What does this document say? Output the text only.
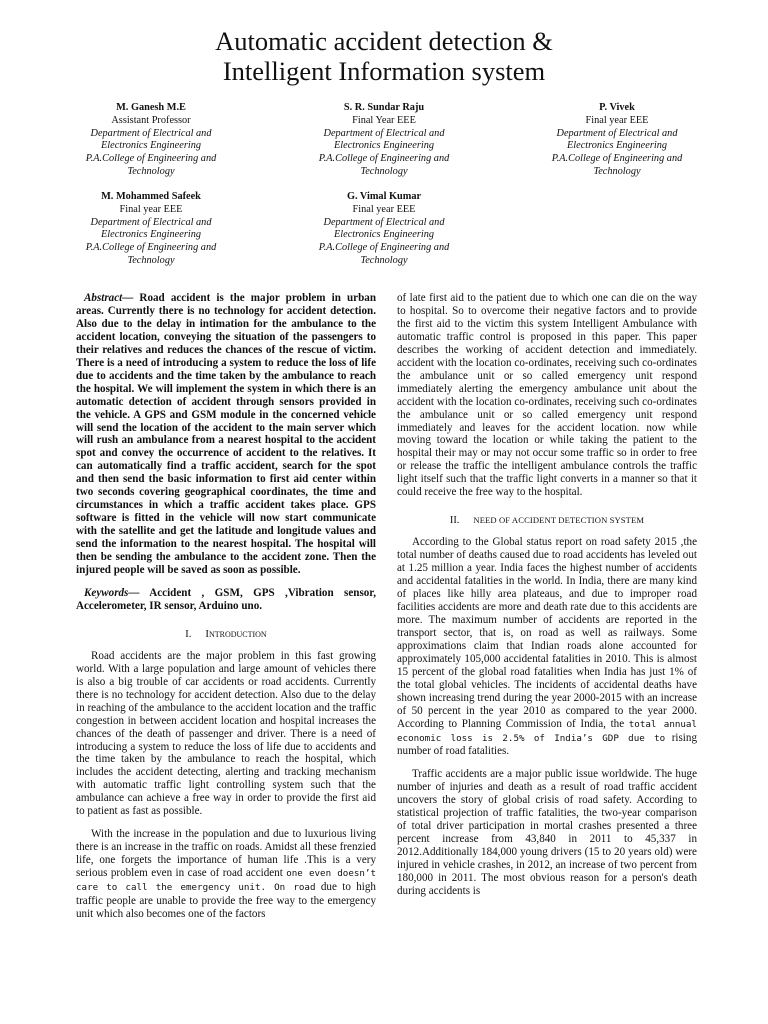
Automatic accident detection &
Intelligent Information system
M. Ganesh M.E
Assistant Professor
Department of Electrical and
Electronics Engineering
P.A.College of Engineering and
Technology
S. R. Sundar Raju
Final Year EEE
Department of Electrical and
Electronics Engineering
P.A.College of Engineering and
Technology
P. Vivek
Final year EEE
Department of Electrical and
Electronics Engineering
P.A.College of Engineering and
Technology
M. Mohammed Safeek
Final year EEE
Department of Electrical and
Electronics Engineering
P.A.College of Engineering and
Technology
G. Vimal Kumar
Final year EEE
Department of Electrical and
Electronics Engineering
P.A.College of Engineering and
Technology

Abstract— Road accident is the major problem in urban areas. Currently there is no technology for accident detection. Also due to the delay in intimation for the ambulance to the accident location, conveying the situation of the passengers to their relatives and reduces the chances of the rescue of victim. There is a need of introducing a system to reduce the loss of life due to accidents and the time taken by the ambulance to reach the hospital. We will implement the system in which there is an automatic detection of accident through sensors provided in the vehicle. A GPS and GSM module in the concerned vehicle will send the location of the accident to the main server which will rush an ambulance from a nearest hospital to the accident spot and convey the occurrence of accident to the relatives. It can automatically find a traffic accident, search for the spot and then send the basic information to first aid center within two seconds covering geographical coordinates, the time and circumstances in which a traffic accident takes place. GPS software is fitted in the vehicle will now start communicate with the satellite and get the latitude and longitude values and send the information to the nearest hospital. The hospital will then be sending the ambulance to the accident zone. Then the injured people will be saved as soon as possible.

Keywords— Accident , GSM, GPS ,Vibration sensor, Accelerometer, IR sensor, Arduino uno.

I. Introduction

Road accidents are the major problem in this fast growing world. With a large population and large amount of vehicles there is also a big trouble of car accidents or road accidents. Currently there is no technology for accident detection. Also due to the delay in reaching of the ambulance to the accident location and the traffic congestion in between accident location and hospital increases the chances of the death of passenger and driver. There is a need of introducing a system to reduce the loss of life due to accidents and the time taken by the ambulance to reach the hospital, which includes the accident detecting, alerting and tracking mechanism with automatic traffic light controlling system such that the ambulance can achieve a free way in order to provide the first aid to patient as fast as possible.

With the increase in the population and due to luxurious living there is an increase in the traffic on roads. Amidst all these frenzied life, one forgets the importance of human life .This is a very serious problem even in case of road accident one even doesn’t care to call the emergency unit. On road due to high traffic people are unable to provide the free way to the emergency unit which also becomes one of the factors

of late first aid to the patient due to which one can die on the way to hospital. So to overcome their negative factors and to provide the first aid to the victim this system Intelligent Ambulance with automatic traffic control is proposed in this paper. This paper describes the working of accident detection and immediately. accident with the location co-ordinates, receiving such co-ordinates the ambulance unit or so called emergency unit respond immediately alerting the emergency ambulance unit about the accident with the location co-ordinates, receiving such co-ordinates the ambulance unit or so called emergency unit respond immediately and leaves for the accident location. now while moving toward the location or while taking the patient to the hospital their may or may not occur some traffic so in order to free or release the traffic the intelligent ambulance controls the traffic light itself such that the traffic light converts in a manner so that it could receive the free way to the hospital.

II. NEED OF ACCIDENT DETECTION SYSTEM

According to the Global status report on road safety 2015 ,the total number of deaths caused due to road accidents has leveled out at 1.25 million a year. India faces the highest number of accidents and accidental fatalities in the world. In India, there are many kind of places like hilly area plateaus, and due to improper road facilities accidents are more and death rate due to this accidents are more. The maximum number of accidents are reported in the transport sector, that is, on road as well as railways. Some approximations claim that Indian roads alone accounted for approximately 105,000 accidental fatalities in 2010. This is almost 15 percent of the global road fatalities when India has just 1% of the total global vehicles. The incidents of accidental deaths have shown increasing trend during the year 2000-2015 with an increase of 50 percent in the year 2010 as compared to the year 2000. According to Planning Commission of India, the total annual economic loss is 2.5% of India’s GDP due to rising number of road fatalities.

Traffic accidents are a major public issue worldwide. The huge number of injuries and death as a result of road traffic accident uncovers the story of global crisis of road safety. According to statistical projection of traffic fatalities, the two-year comparison of total driver participation in mortal crashes presented a three percent increase from 43,840 in 2011 to 45,337 in 2012.Additionally 184,000 young drivers (15 to 20 years old) were injured in vehicle crashes, in 2012, an increase of two percent from 180,000 in 2011. The most obvious reason for a person's death during accidents is
